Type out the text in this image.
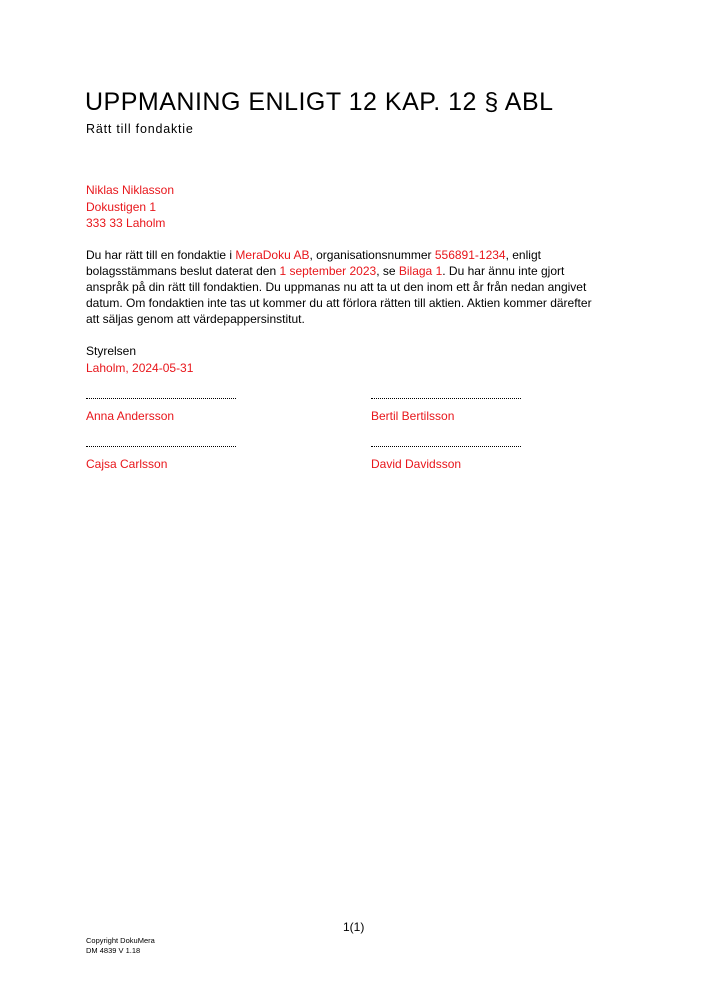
UPPMANING ENLIGT 12 KAP. 12 § ABL
Rätt till fondaktie
Niklas Niklasson
Dokustigen 1
333 33 Laholm
Du har rätt till en fondaktie i MeraDoku AB, organisationsnummer 556891-1234, enligt
bolagsstämmans beslut daterat den 1 september 2023, se Bilaga 1. Du har ännu inte gjort
anspråk på din rätt till fondaktien. Du uppmanas nu att ta ut den inom ett år från nedan angivet
datum. Om fondaktien inte tas ut kommer du att förlora rätten till aktien. Aktien kommer därefter
att säljas genom att värdepappersinstitut.
Styrelsen
Laholm, 2024-05-31
Anna Andersson	Bertil Bertilsson
Cajsa Carlsson	David Davidsson
1(1)
Copyright DokuMera
DM 4839 V 1.18
